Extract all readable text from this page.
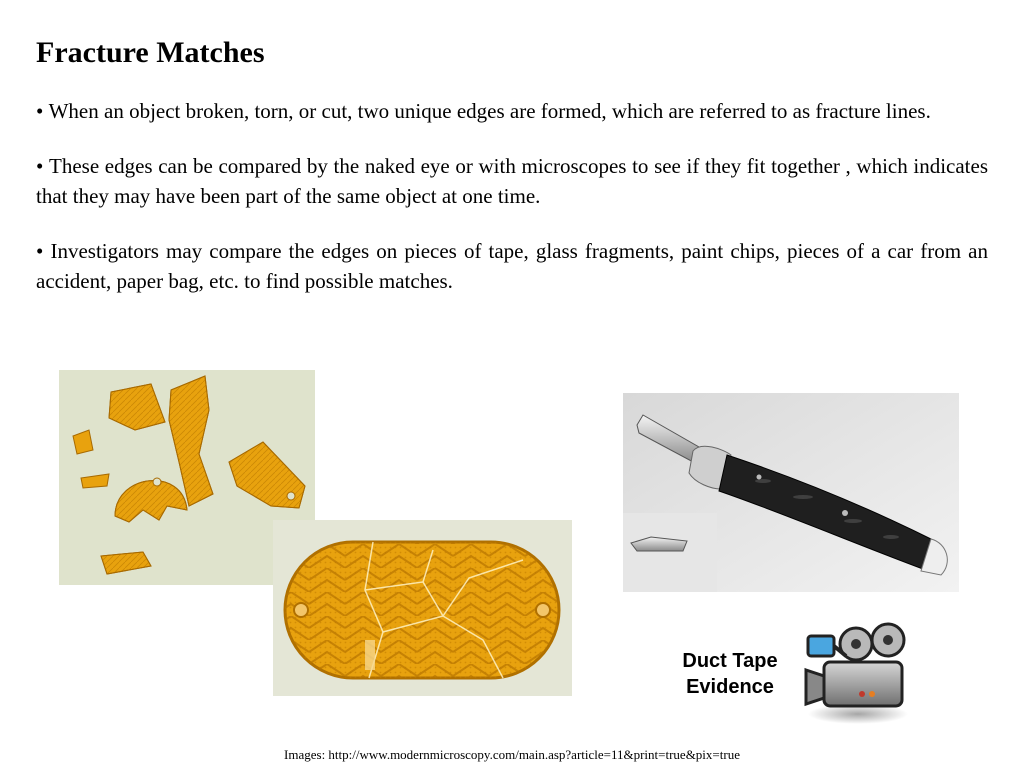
Fracture Matches

• When an object broken, torn, or cut, two unique edges are formed, which are referred to as fracture lines.

• These edges can be compared by the naked eye or with microscopes to see if they fit together , which indicates that they may have been part of the same object at one time.

• Investigators may compare the edges on pieces of tape, glass fragments, paint chips, pieces of a car from an accident, paper bag, etc. to find possible matches.

Duct Tape
Evidence
Images: http://www.modernmicroscopy.com/main.asp?article=11&print=true&pix=true
